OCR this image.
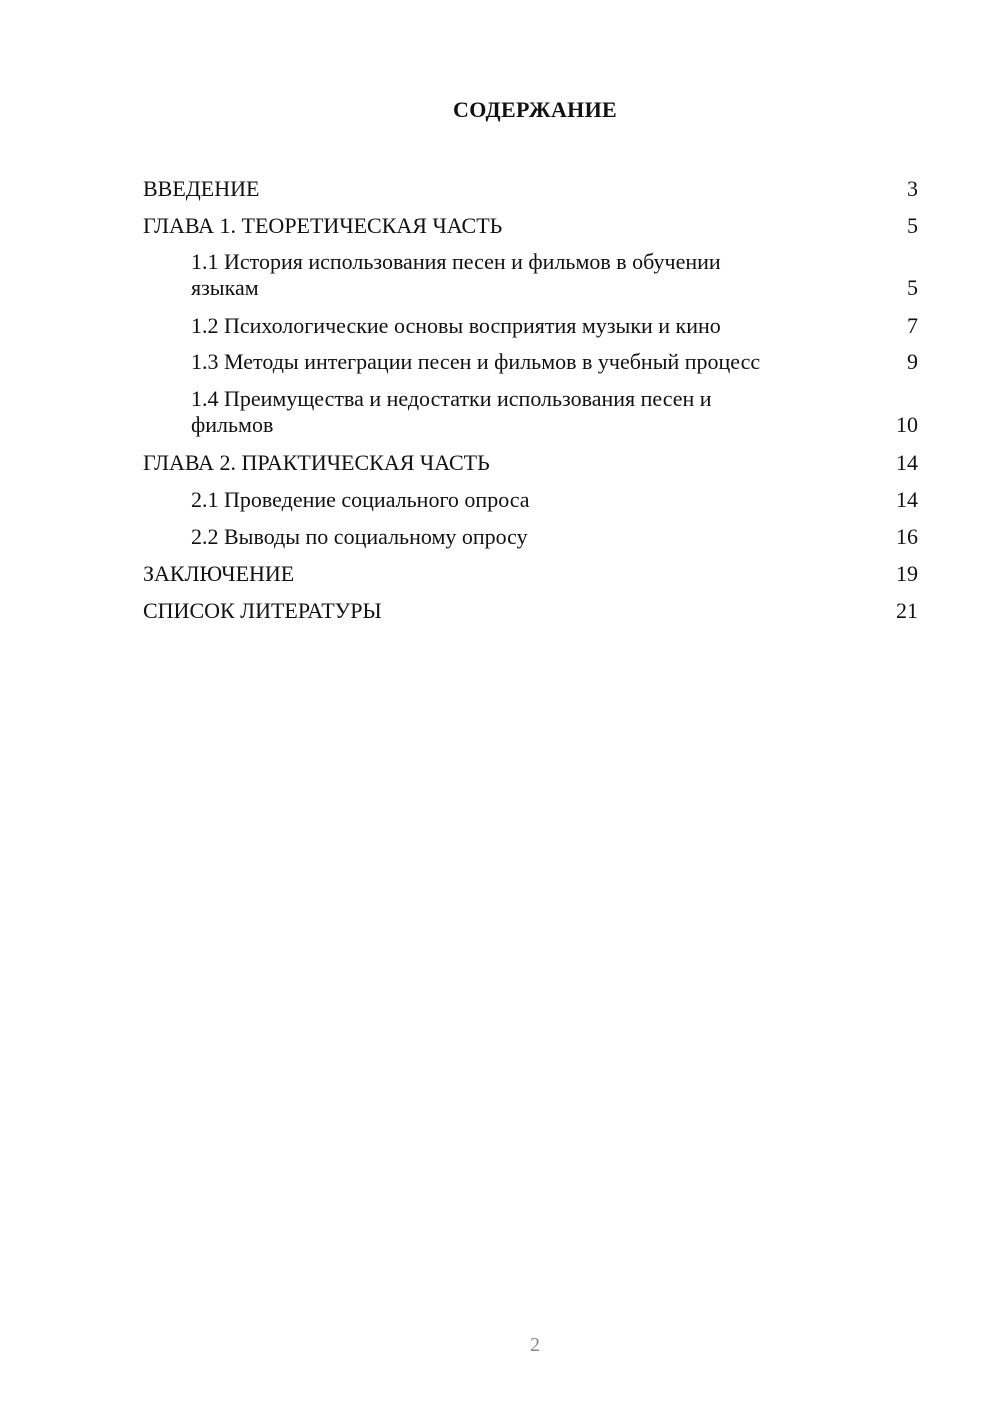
СОДЕРЖАНИЕ
ВВЕДЕНИЕ	3
ГЛАВА 1. ТЕОРЕТИЧЕСКАЯ ЧАСТЬ	5
1.1 История использования песен и фильмов в обучении языкам	5
1.2 Психологические основы восприятия музыки и кино	7
1.3 Методы интеграции песен и фильмов в учебный процесс	9
1.4 Преимущества и недостатки использования песен и фильмов	10
ГЛАВА 2. ПРАКТИЧЕСКАЯ ЧАСТЬ	14
2.1 Проведение социального опроса	14
2.2 Выводы по социальному опросу	16
ЗАКЛЮЧЕНИЕ	19
СПИСОК ЛИТЕРАТУРЫ	21
2
